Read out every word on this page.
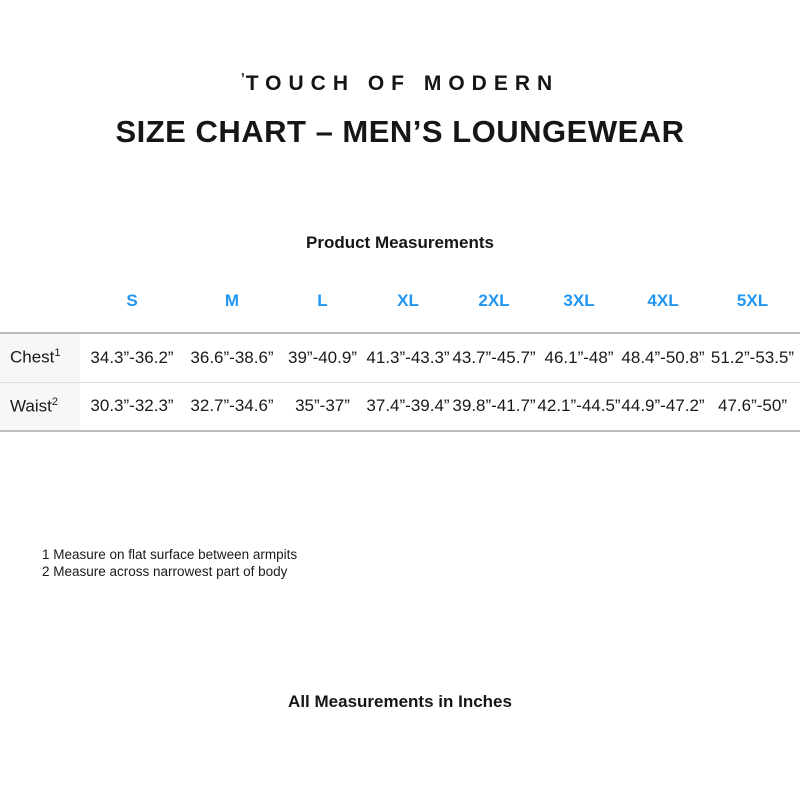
$^ʼ$TOUCH OF MODERN
SIZE CHART – MEN’S LOUNGEWEAR
Product Measurements
	S	M	L	XL	2XL	3XL	4XL	5XL
Chest$^1$	34.3”-36.2”	36.6”-38.6”	39”-40.9”	41.3”-43.3”	43.7”-45.7”	46.1”-48”	48.4”-50.8”	51.2”-53.5”
Waist$^2$	30.3”-32.3”	32.7”-34.6”	35”-37”	37.4”-39.4”	39.8”-41.7”	42.1”-44.5”	44.9”-47.2”	47.6”-50”
1 Measure on flat surface between armpits
2 Measure across narrowest part of body
All Measurements in Inches
